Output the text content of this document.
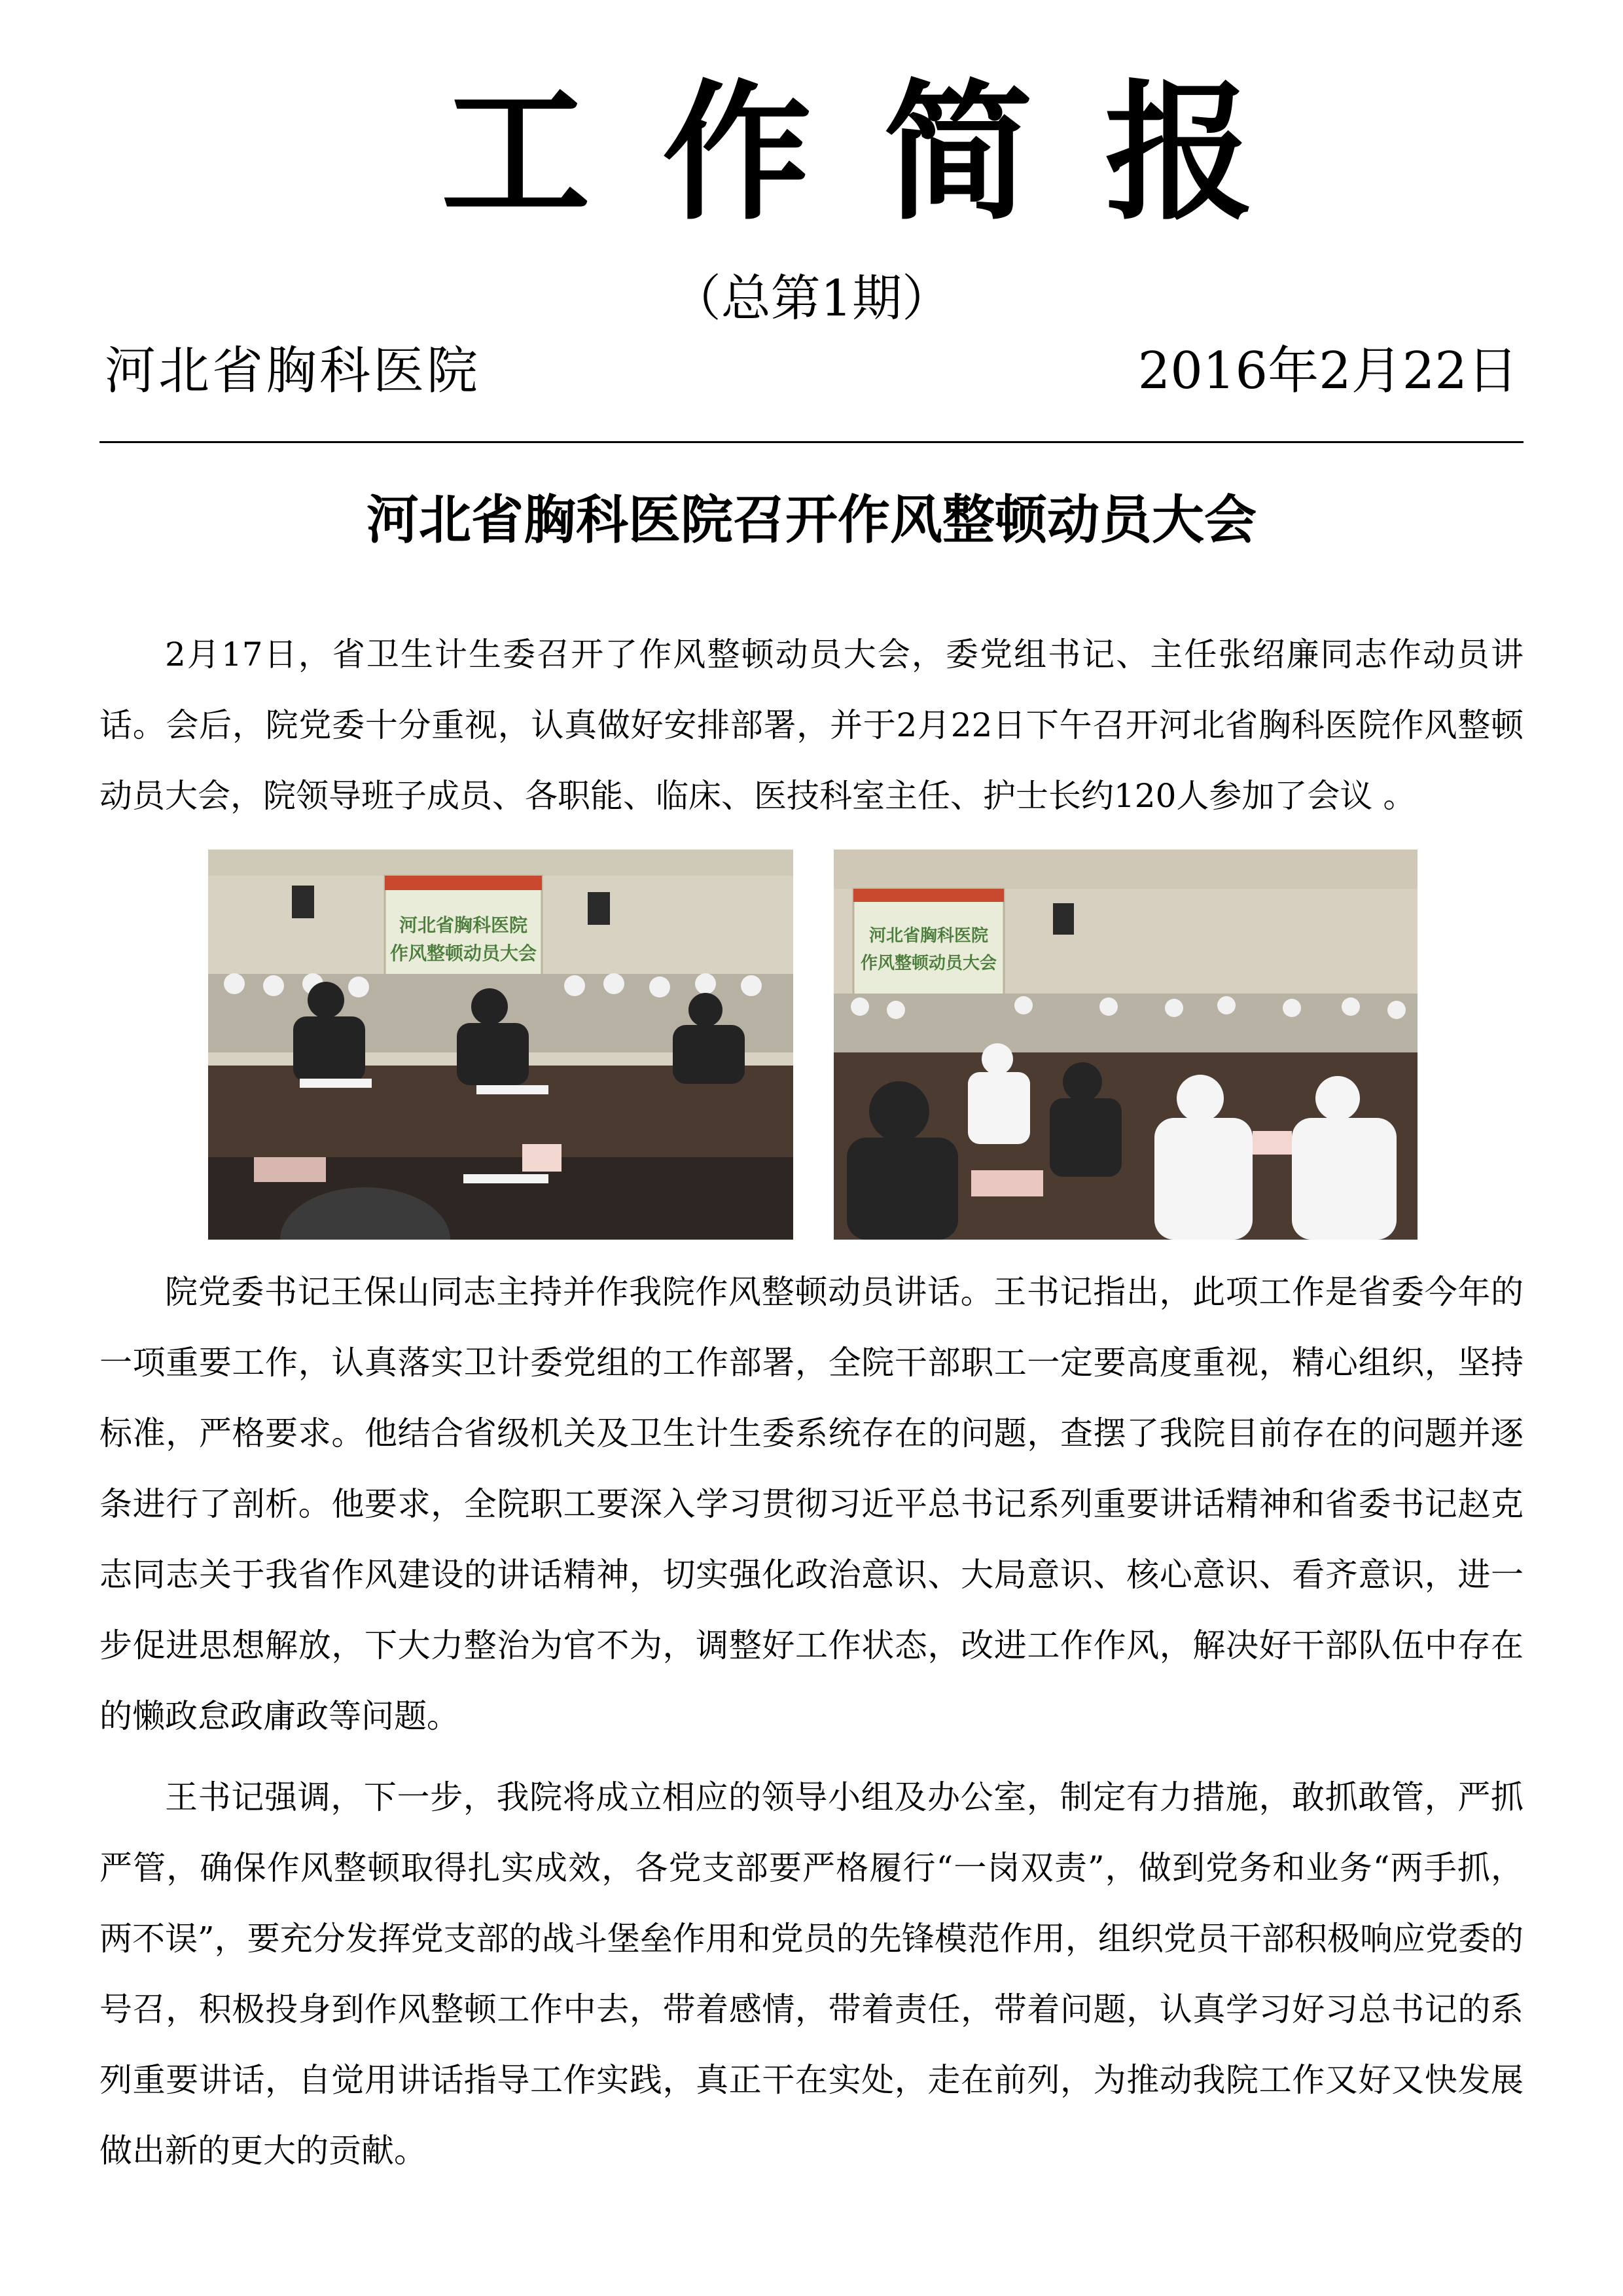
工作简报
（总第1期）
河北省胸科医院	2016年2月22日
河北省胸科医院召开作风整顿动员大会

2月17日，省卫生计生委召开了作风整顿动员大会，委党组书记、主任张绍廉同志作动员讲话。会后，院党委十分重视，认真做好安排部署，并于2月22日下午召开河北省胸科医院作风整顿动员大会，院领导班子成员、各职能、临床、医技科室主任、护士长约120人参加了会议 。

河北省胸科医院
作风整顿动员大会
河北省胸科医院
作风整顿动员大会

院党委书记王保山同志主持并作我院作风整顿动员讲话。王书记指出，此项工作是省委今年的一项重要工作，认真落实卫计委党组的工作部署，全院干部职工一定要高度重视，精心组织，坚持标准，严格要求。他结合省级机关及卫生计生委系统存在的问题，查摆了我院目前存在的问题并逐条进行了剖析。他要求，全院职工要深入学习贯彻习近平总书记系列重要讲话精神和省委书记赵克志同志关于我省作风建设的讲话精神，切实强化政治意识、大局意识、核心意识、看齐意识，进一步促进思想解放，下大力整治为官不为，调整好工作状态，改进工作作风，解决好干部队伍中存在的懒政怠政庸政等问题。

王书记强调，下一步，我院将成立相应的领导小组及办公室，制定有力措施，敢抓敢管，严抓严管，确保作风整顿取得扎实成效，各党支部要严格履行“一岗双责”，做到党务和业务“两手抓，两不误”，要充分发挥党支部的战斗堡垒作用和党员的先锋模范作用，组织党员干部积极响应党委的号召，积极投身到作风整顿工作中去，带着感情，带着责任，带着问题，认真学习好习总书记的系列重要讲话，自觉用讲话指导工作实践，真正干在实处，走在前列，为推动我院工作又好又快发展做出新的更大的贡献。
